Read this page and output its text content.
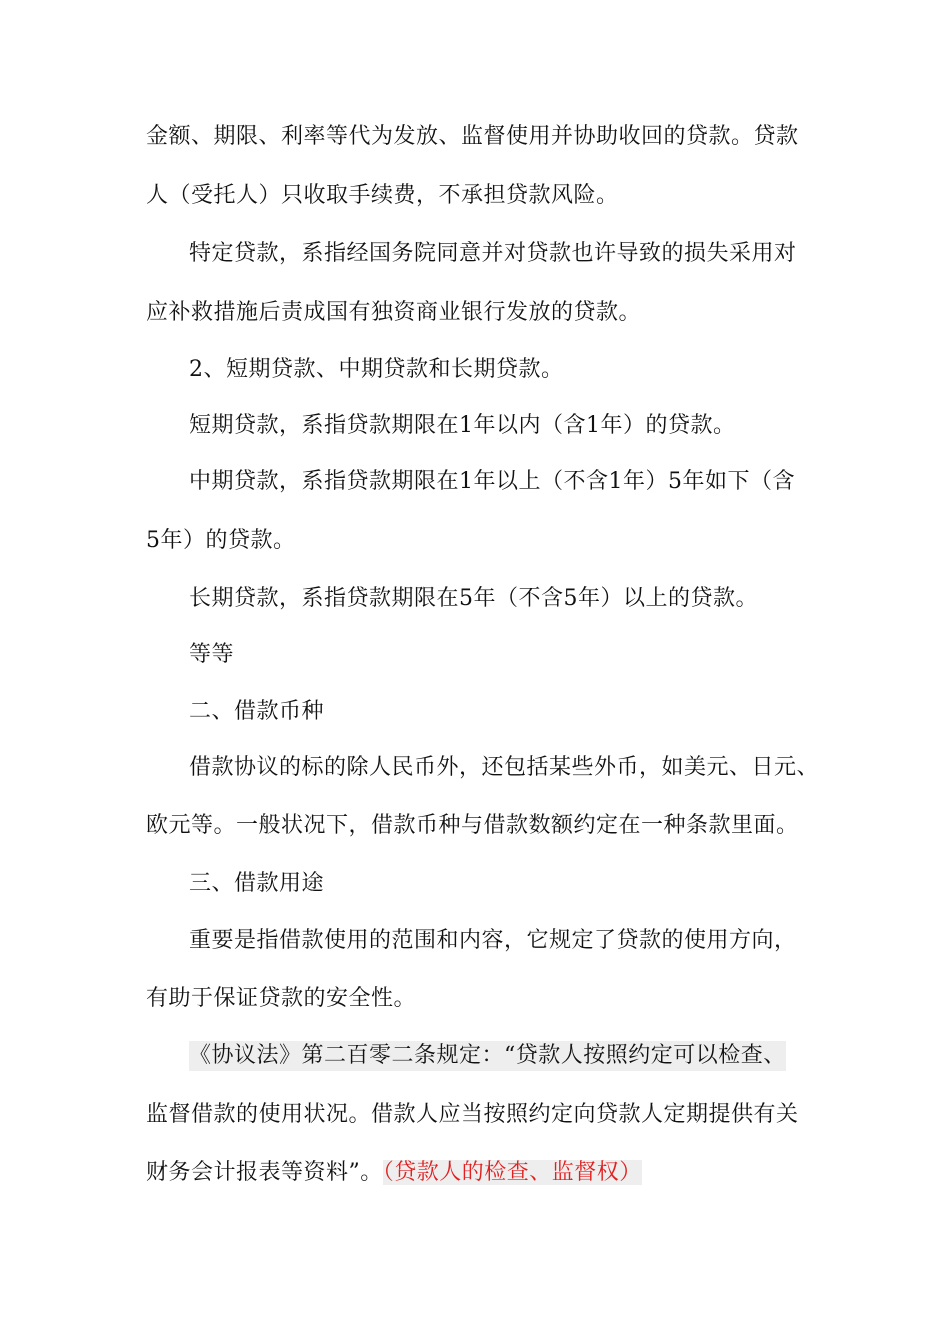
金额、期限、利率等代为发放、监督使用并协助收回的贷款。贷款
人（受托人）只收取手续费，不承担贷款风险。
特定贷款，系指经国务院同意并对贷款也许导致的损失采用对
应补救措施后责成国有独资商业银行发放的贷款。
2、短期贷款、中期贷款和长期贷款。
短期贷款，系指贷款期限在1年以内（含1年）的贷款。
中期贷款，系指贷款期限在1年以上（不含1年）5年如下（含
5年）的贷款。
长期贷款，系指贷款期限在5年（不含5年）以上的贷款。
等等
二、借款币种
借款协议的标的除人民币外，还包括某些外币，如美元、日元、
欧元等。一般状况下，借款币种与借款数额约定在一种条款里面。
三、借款用途
重要是指借款使用的范围和内容，它规定了贷款的使用方向，
有助于保证贷款的安全性。
《协议法》第二百零二条规定：“贷款人按照约定可以检查、
监督借款的使用状况。借款人应当按照约定向贷款人定期提供有关
财务会计报表等资料”。（贷款人的检查、监督权）
